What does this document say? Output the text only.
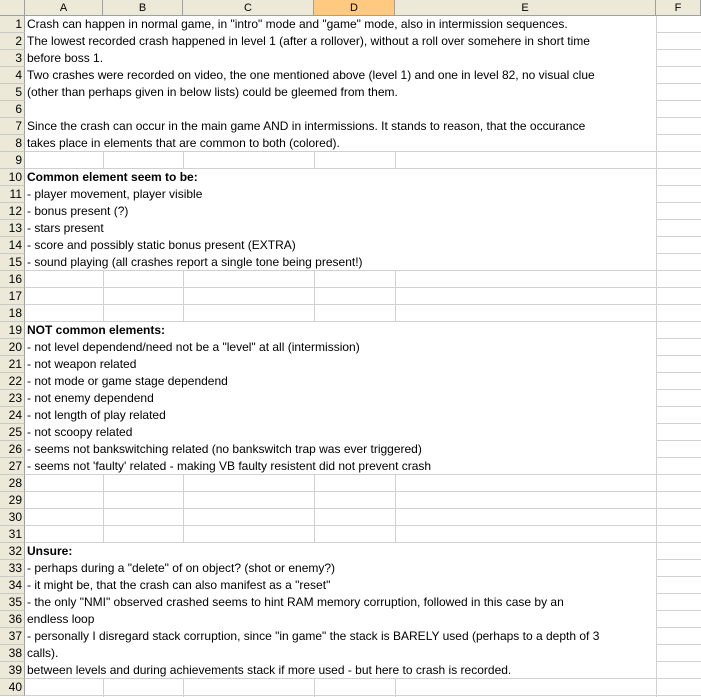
A	B	C	D	E	F
1 Crash can happen in normal game, in "intro" mode and "game" mode, also in intermission sequences.
2 The lowest recorded crash happened in level 1 (after a rollover), without a roll over somehere in short time
3 before boss 1.
4 Two crashes were recorded on video, the one mentioned above (level 1) and one in level 82, no visual clue
5 (other than perhaps given in below lists) could be gleemed from them.
6
7 Since the crash can occur in the main game AND in intermissions. It stands to reason, that the occurance
8 takes place in elements that are common to both (colored).
9
10 Common element seem to be:
11 - player movement, player visible
12 - bonus present (?)
13 - stars present
14 - score and possibly static bonus present (EXTRA)
15 - sound playing (all crashes report a single tone being present!)
16
17
18
19 NOT common elements:
20 - not level dependend/need not be a "level" at all (intermission)
21 - not weapon related
22 - not mode or game stage dependend
23 - not enemy dependend
24 - not length of play related
25 - not scoopy related
26 - seems not bankswitching related (no bankswitch trap was ever triggered)
27 - seems not 'faulty' related - making VB faulty resistent did not prevent crash
28
29
30
31
32 Unsure:
33 - perhaps during a "delete" of on object? (shot or enemy?)
34 - it might be, that the crash can also manifest as a "reset"
35 - the only "NMI" observed crashed seems to hint RAM memory corruption, followed in this case by an
36 endless loop
37 - personally I disregard stack corruption, since "in game" the stack is BARELY used (perhaps to a depth of 3
38 calls).
39 between levels and during achievements stack if more used - but here to crash is recorded.
40
